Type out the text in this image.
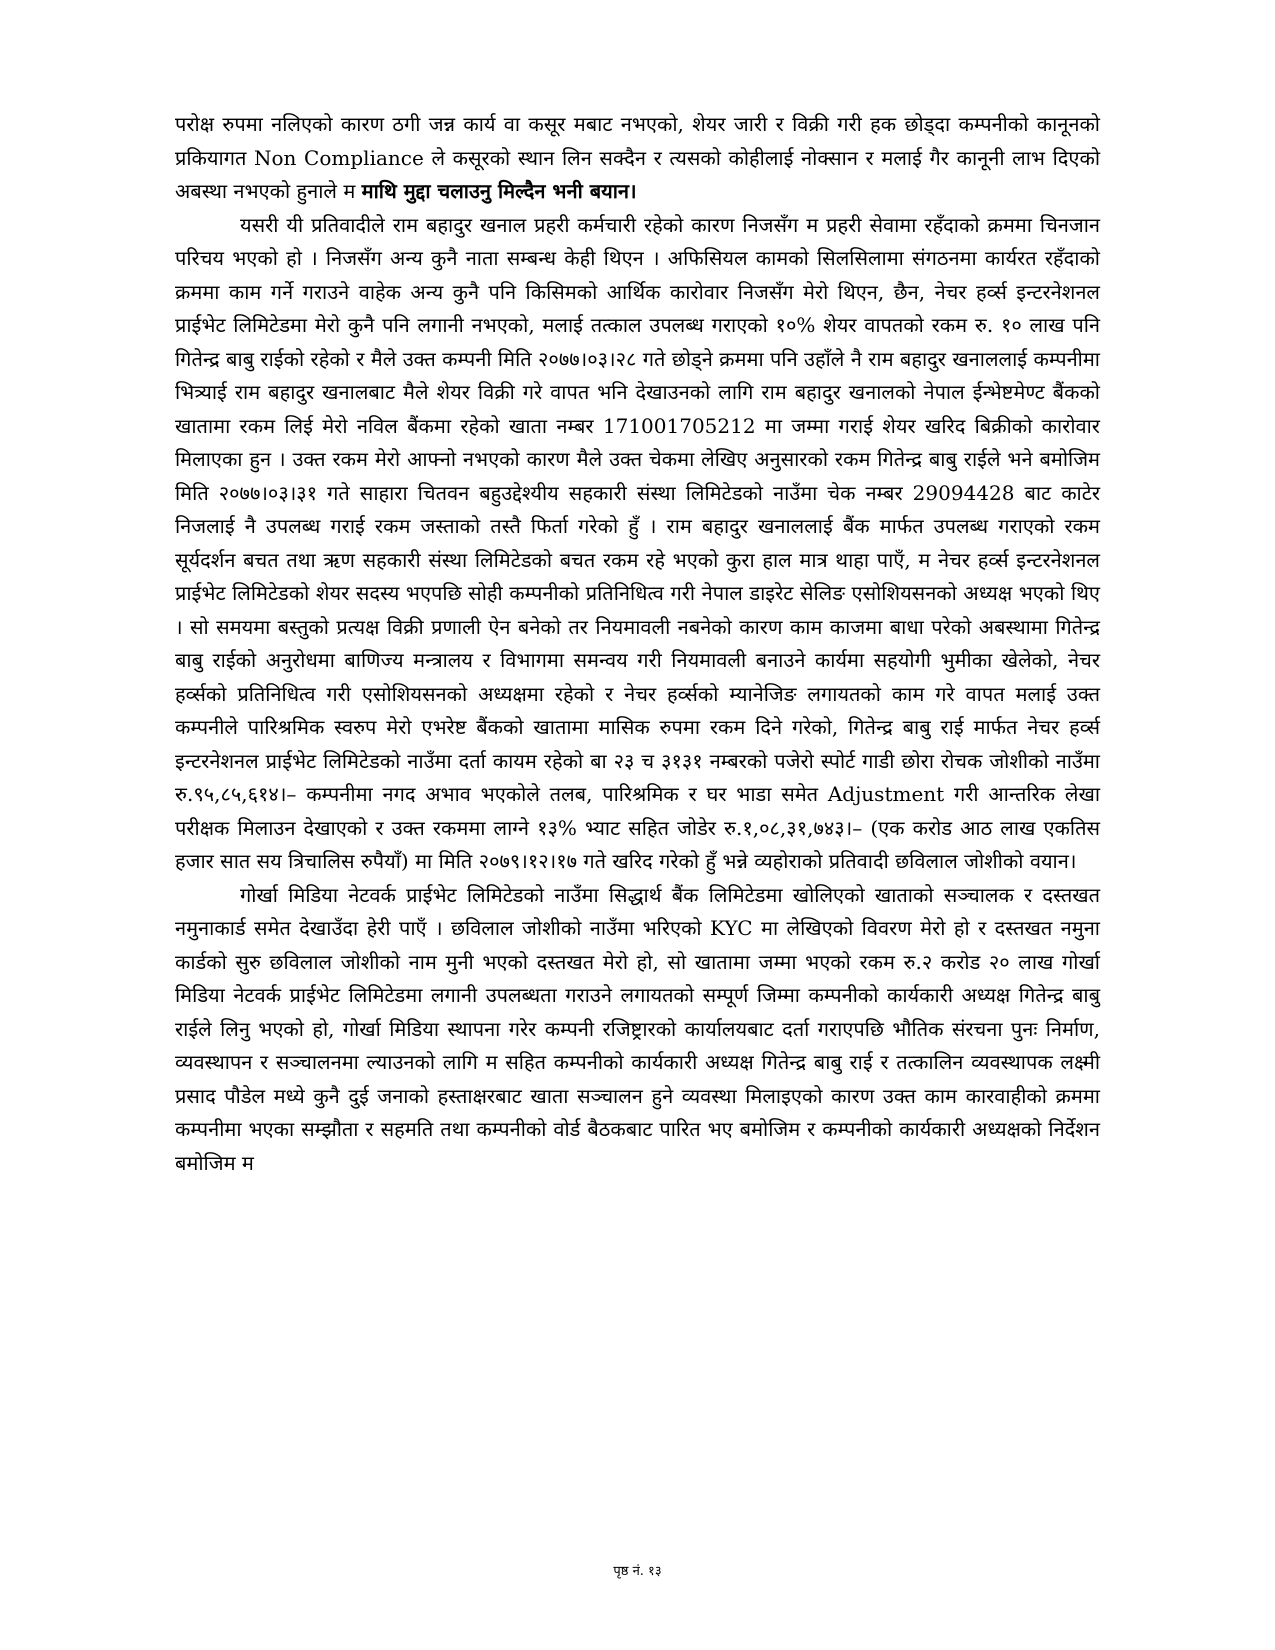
परोक्ष रुपमा नलिएको कारण ठगी जन्न कार्य वा कसूर मबाट नभएको, शेयर जारी र विक्री गरी हक छोड्दा कम्पनीको कानूनको प्रकियागत Non Compliance ले कसूरको स्थान लिन सक्दैन र त्यसको कोहीलाई नोक्सान र मलाई गैर कानूनी लाभ दिएको अबस्था नभएको हुनाले म माथि मुद्दा चलाउनु मिल्दैन भनी बयान।

यसरी यी प्रतिवादीले राम बहादुर खनाल प्रहरी कर्मचारी रहेको कारण निजसँग म प्रहरी सेवामा रहँदाको क्रममा चिनजान परिचय भएको हो । निजसँग अन्य कुनै नाता सम्बन्ध केही थिएन । अफिसियल कामको सिलसिलामा संगठनमा कार्यरत रहँदाको क्रममा काम गर्ने गराउने वाहेक अन्य कुनै पनि किसिमको आर्थिक कारोवार निजसँग मेरो थिएन, छैन, नेचर हर्व्स इन्टरनेशनल प्राईभेट लिमिटेडमा मेरो कुनै पनि लगानी नभएको, मलाई तत्काल उपलब्ध गराएको १०% शेयर वापतको रकम रु. १० लाख पनि गितेन्द्र बाबु राईको रहेको र मैले उक्त कम्पनी मिति २०७७।०३।२८ गते छोड्ने क्रममा पनि उहाँले नै राम बहादुर खनाललाई कम्पनीमा भित्र्याई राम बहादुर खनालबाट मैले शेयर विक्री गरे वापत भनि देखाउनको लागि राम बहादुर खनालको नेपाल ईन्भेष्टमेण्ट बैंकको खातामा रकम लिई मेरो नविल बैंकमा रहेको खाता नम्बर 17100170521​2 मा जम्मा गराई शेयर खरिद बिक्रीको कारोवार मिलाएका हुन । उक्त रकम मेरो आफ्नो नभएको कारण मैले उक्त चेकमा लेखिए अनुसारको रकम गितेन्द्र बाबु राईले भने बमोजिम मिति २०७७।०३।३१ गते साहारा चितवन बहुउद्देश्यीय सहकारी संस्था लिमिटेडको नाउँमा चेक नम्बर 29094428 बाट काटेर निजलाई नै उपलब्ध गराई रकम जस्ताको तस्तै फिर्ता गरेको हुँ । राम बहादुर खनाललाई बैंक मार्फत उपलब्ध गराएको रकम सूर्यदर्शन बचत तथा ऋण सहकारी संस्था लिमिटेडको बचत रकम रहे भएको कुरा हाल मात्र थाहा पाएँ, म नेचर हर्व्स इन्टरनेशनल प्राईभेट लिमिटेडको शेयर सदस्य भएपछि सोही कम्पनीको प्रतिनिधित्व गरी नेपाल डाइरेट सेलिङ एसोशियसनको अध्यक्ष भएको थिए । सो समयमा बस्तुको प्रत्यक्ष विक्री प्रणाली ऐन बनेको तर नियमावली नबनेको कारण काम काजमा बाधा परेको अबस्थामा गितेन्द्र बाबु राईको अनुरोधमा बाणिज्य मन्त्रालय र विभागमा समन्वय गरी नियमावली बनाउने कार्यमा सहयोगी भुमीका खेलेको, नेचर हर्व्सको प्रतिनिधित्व गरी एसोशियसनको अध्यक्षमा रहेको र नेचर हर्व्सको म्यानेजिङ लगायतको काम गरे वापत मलाई उक्त कम्पनीले पारिश्रमिक स्वरुप मेरो एभरेष्ट बैंकको खातामा मासिक रुपमा रकम दिने गरेको, गितेन्द्र बाबु राई मार्फत नेचर हर्व्स इन्टरनेशनल प्राईभेट लिमिटेडको नाउँमा दर्ता कायम रहेको बा २३ च ३१३१ नम्बरको पजेरो स्पोर्ट गाडी छोरा रोचक जोशीको नाउँमा रु.९५,८५,६१४।– कम्पनीमा नगद अभाव भएकोले तलब, पारिश्रमिक र घर भाडा समेत Adjustment गरी आन्तरिक लेखा परीक्षक मिलाउन देखाएको र उक्त रकममा लाग्ने १३% भ्याट सहित जोडेर रु.१,०८,३१,७४३।– (एक करोड आठ लाख एकतिस हजार सात सय त्रिचालिस रुपैयाँ) मा मिति २०७९।१२।१७ गते खरिद गरेको हुँ भन्ने व्यहोराको प्रतिवादी छविलाल जोशीको वयान।

गोर्खा मिडिया नेटवर्क प्राईभेट लिमिटेडको नाउँमा सिद्धार्थ बैंक लिमिटेडमा खोलिएको खाताको सञ्चालक र दस्तखत नमुनाकार्ड समेत देखाउँदा हेरी पाएँ । छविलाल जोशीको नाउँमा भरिएको KYC मा लेखिएको विवरण मेरो हो र दस्तखत नमुना कार्डको सुरु छविलाल जोशीको नाम मुनी भएको दस्तखत मेरो हो, सो खातामा जम्मा भएको रकम रु.२ करोड २० लाख गोर्खा मिडिया नेटवर्क प्राईभेट लिमिटेडमा लगानी उपलब्धता गराउने लगायतको सम्पूर्ण जिम्मा कम्पनीको कार्यकारी अध्यक्ष गितेन्द्र बाबु राईले लिनु भएको हो, गोर्खा मिडिया स्थापना गरेर कम्पनी रजिष्ट्रारको कार्यालयबाट दर्ता गराएपछि भौतिक संरचना पुनः निर्माण, व्यवस्थापन र सञ्चालनमा ल्याउनको लागि म सहित कम्पनीको कार्यकारी अध्यक्ष गितेन्द्र बाबु राई र तत्कालिन व्यवस्थापक लक्ष्मी प्रसाद पौडेल मध्ये कुनै दुई जनाको हस्ताक्षरबाट खाता सञ्चालन हुने व्यवस्था मिलाइएको कारण उक्त काम कारवाहीको क्रममा कम्पनीमा भएका सम्झौता र सहमति तथा कम्पनीको वोर्ड बैठकबाट पारित भए बमोजिम र कम्पनीको कार्यकारी अध्यक्षको निर्देशन बमोजिम म

पृष्ठ नं. १३
